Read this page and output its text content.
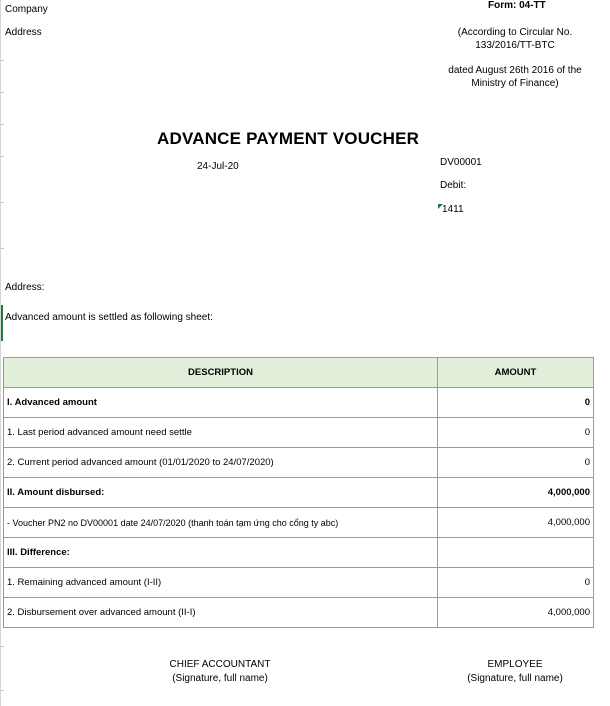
Company
Address
Form: 04-TT
(According to Circular No.
133/2016/TT-BTC
dated August 26th 2016 of the
Ministry of Finance)
ADVANCE PAYMENT VOUCHER
24-Jul-20	DV00001
Debit:
1411
Address:
Advanced amount is settled as following sheet:
DESCRIPTION	AMOUNT
I. Advanced amount	0
1. Last period advanced amount need settle	0
2. Current period advanced amount (01/01/2020 to 24/07/2020)	0
II. Amount disbursed:	4,000,000
- Voucher PN2 no DV00001 date 24/07/2020 (thanh toán tạm ứng cho cổng ty abc)	4,000,000
III. Difference:	
1. Remaining advanced amount (I-II)	0
2. Disbursement over advanced amount (II-I)	4,000,000
CHIEF ACCOUNTANT
(Signature, full name)
EMPLOYEE
(Signature, full name)
